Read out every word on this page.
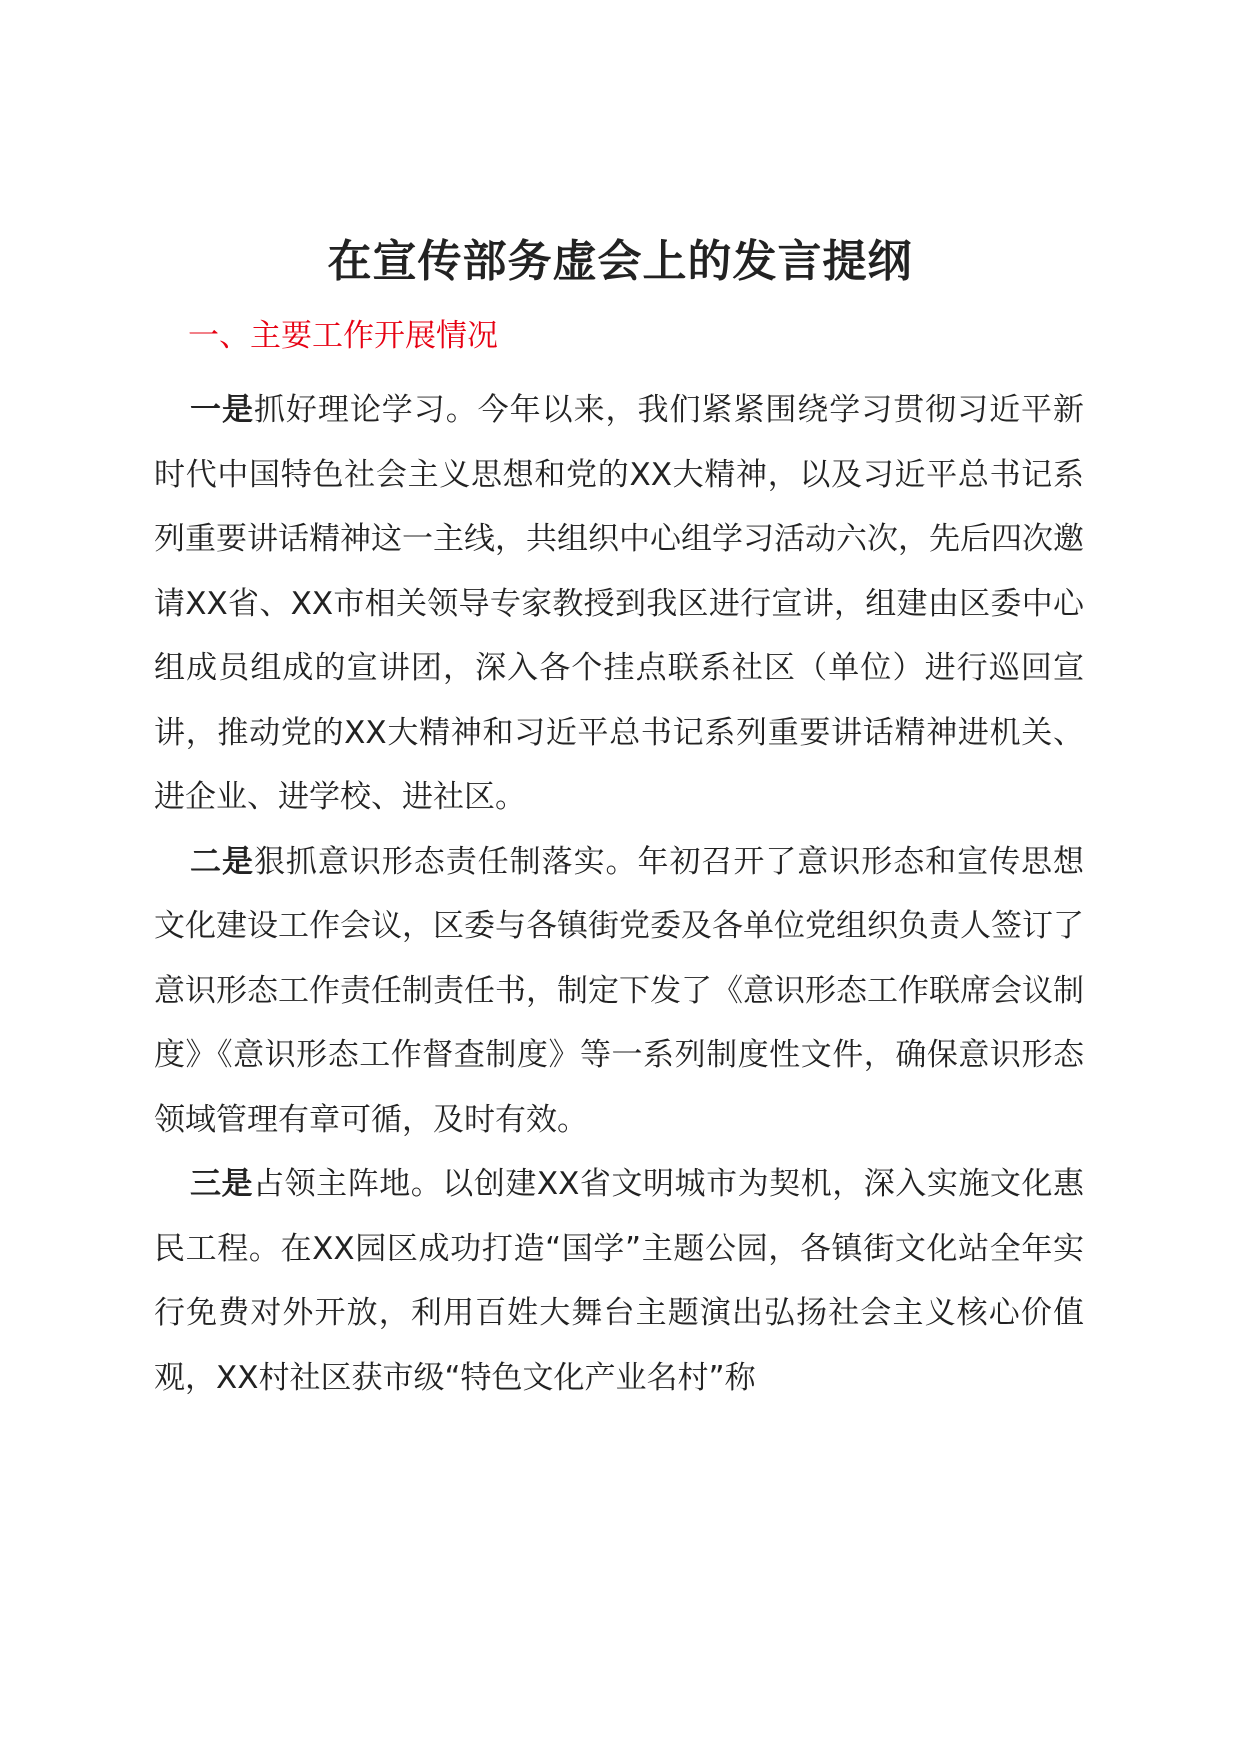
在宣传部务虚会上的发言提纲
一、主要工作开展情况

一是抓好理论学习。今年以来，我们紧紧围绕学习贯彻习近平新时代中国特色社会主义思想和党的XX大精神，以及习近平总书记系列重要讲话精神这一主线，共组织中心组学习活动六次，先后四次邀请XX省、XX市相关领导专家教授到我区进行宣讲，组建由区委中心组成员组成的宣讲团，深入各个挂点联系社区（单位）进行巡回宣讲，推动党的XX大精神和习近平总书记系列重要讲话精神进机关、进企业、进学校、进社区。

二是狠抓意识形态责任制落实。年初召开了意识形态和宣传思想文化建设工作会议，区委与各镇街党委及各单位党组织负责人签订了意识形态工作责任制责任书，制定下发了《意识形态工作联席会议制度》《意识形态工作督查制度》等一系列制度性文件，确保意识形态领域管理有章可循，及时有效。

三是占领主阵地。以创建XX省文明城市为契机，深入实施文化惠民工程。在XX园区成功打造“国学”主题公园，各镇街文化站全年实行免费对外开放，利用百姓大舞台主题演出弘扬社会主义核心价值观，XX村社区获市级“特色文化产业名村”称
